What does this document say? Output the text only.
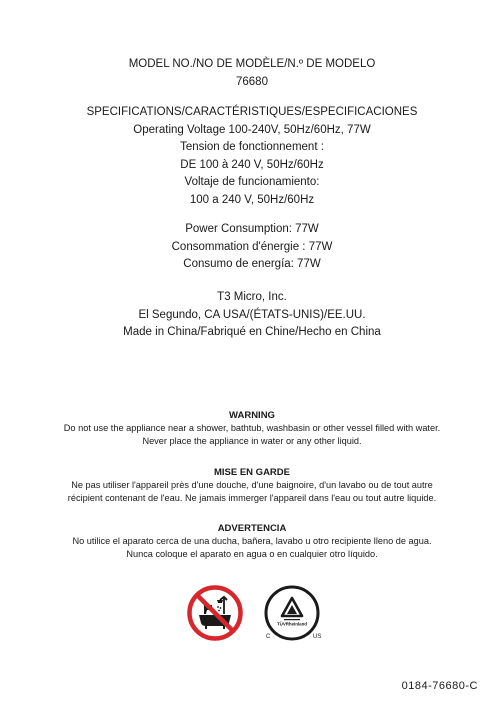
MODEL NO./NO DE MODÈLE/N.º DE MODELO
76680
SPECIFICATIONS/CARACTÉRISTIQUES/ESPECIFICACIONES
Operating Voltage 100-240V, 50Hz/60Hz, 77W
Tension de fonctionnement :
DE 100 à 240 V, 50Hz/60Hz
Voltaje de funcionamiento:
100 a 240 V, 50Hz/60Hz
Power Consumption: 77W
Consommation d'énergie : 77W
Consumo de energía: 77W
T3 Micro, Inc.
El Segundo, CA USA/(ÉTATS-UNIS)/EE.UU.
Made in China/Fabriqué en Chine/Hecho en China
WARNING
Do not use the appliance near a shower, bathtub, washbasin or other vessel filled with water.
Never place the appliance in water or any other liquid.
MISE EN GARDE
Ne pas utiliser l'appareil près d'une douche, d'une baignoire, d'un lavabo ou de tout autre
récipient contenant de l'eau. Ne jamais immerger l'appareil dans l'eau ou tout autre liquide.
ADVERTENCIA
No utilice el aparato cerca de una ducha, bañera, lavabo u otro recipiente lleno de agua.
Nunca coloque el aparato en agua o en cualquier otro líquido.
TÜVRheinland
C	US
0184-76680-C
